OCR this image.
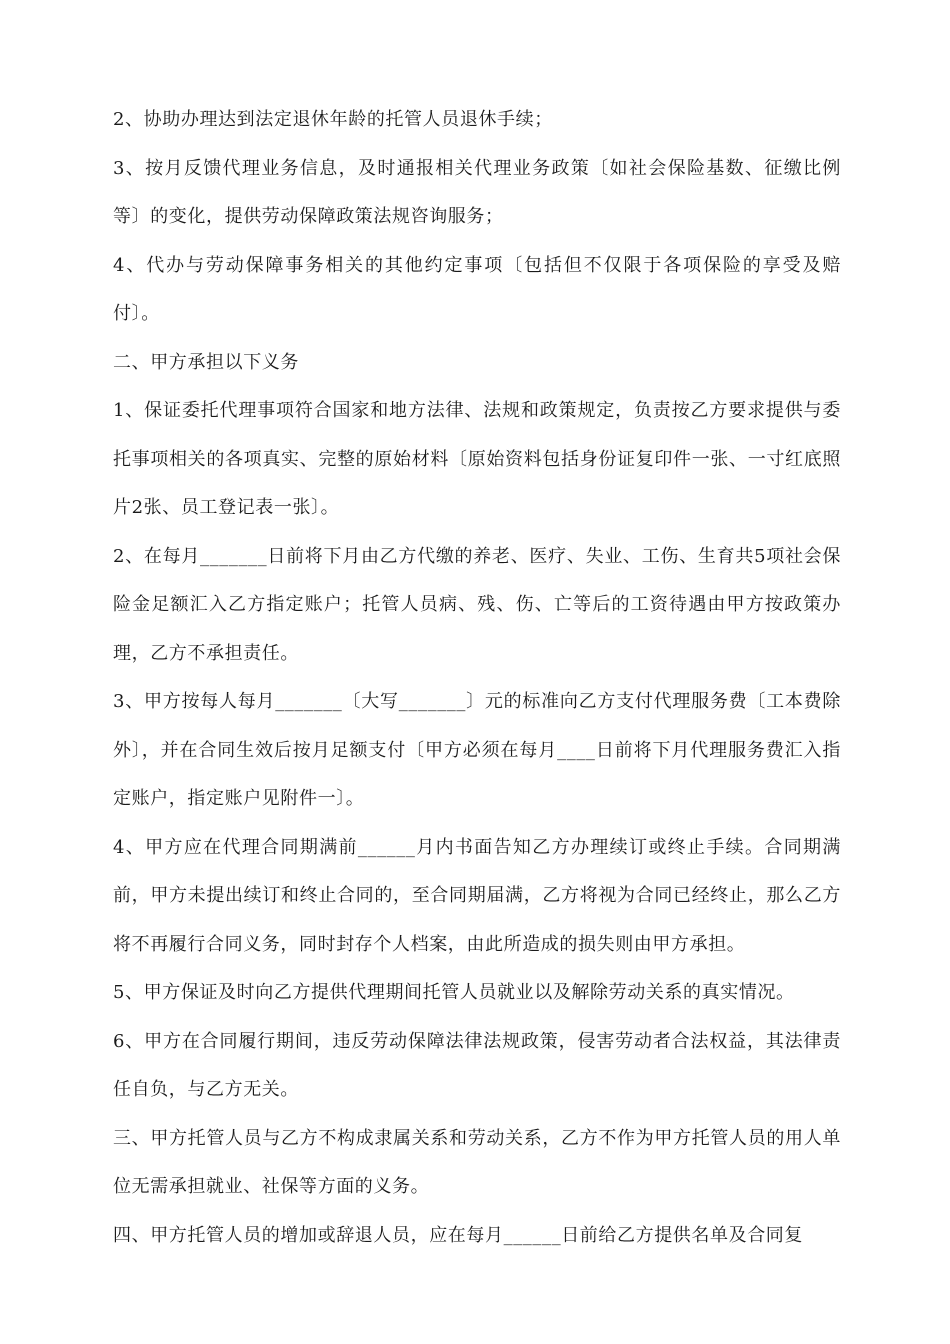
2、协助办理达到法定退休年龄的托管人员退休手续；

3、按月反馈代理业务信息，及时通报相关代理业务政策〔如社会保险基数、征缴比例等〕的变化，提供劳动保障政策法规咨询服务；

4、代办与劳动保障事务相关的其他约定事项〔包括但不仅限于各项保险的享受及赔付〕。

二、甲方承担以下义务

1、保证委托代理事项符合国家和地方法律、法规和政策规定，负责按乙方要求提供与委托事项相关的各项真实、完整的原始材料〔原始资料包括身份证复印件一张、一寸红底照片2张、员工登记表一张〕。

2、在每月_______日前将下月由乙方代缴的养老、医疗、失业、工伤、生育共5项社会保险金足额汇入乙方指定账户；托管人员病、残、伤、亡等后的工资待遇由甲方按政策办理，乙方不承担责任。

3、甲方按每人每月_______〔大写_______〕元的标准向乙方支付代理服务费〔工本费除外〕，并在合同生效后按月足额支付〔甲方必须在每月____日前将下月代理服务费汇入指定账户，指定账户见附件一〕。

4、甲方应在代理合同期满前______月内书面告知乙方办理续订或终止手续。合同期满前，甲方未提出续订和终止合同的，至合同期届满，乙方将视为合同已经终止，那么乙方将不再履行合同义务，同时封存个人档案，由此所造成的损失则由甲方承担。

5、甲方保证及时向乙方提供代理期间托管人员就业以及解除劳动关系的真实情况。

6、甲方在合同履行期间，违反劳动保障法律法规政策，侵害劳动者合法权益，其法律责任自负，与乙方无关。

三、甲方托管人员与乙方不构成隶属关系和劳动关系，乙方不作为甲方托管人员的用人单位无需承担就业、社保等方面的义务。

四、甲方托管人员的增加或辞退人员，应在每月______日前给乙方提供名单及合同复
